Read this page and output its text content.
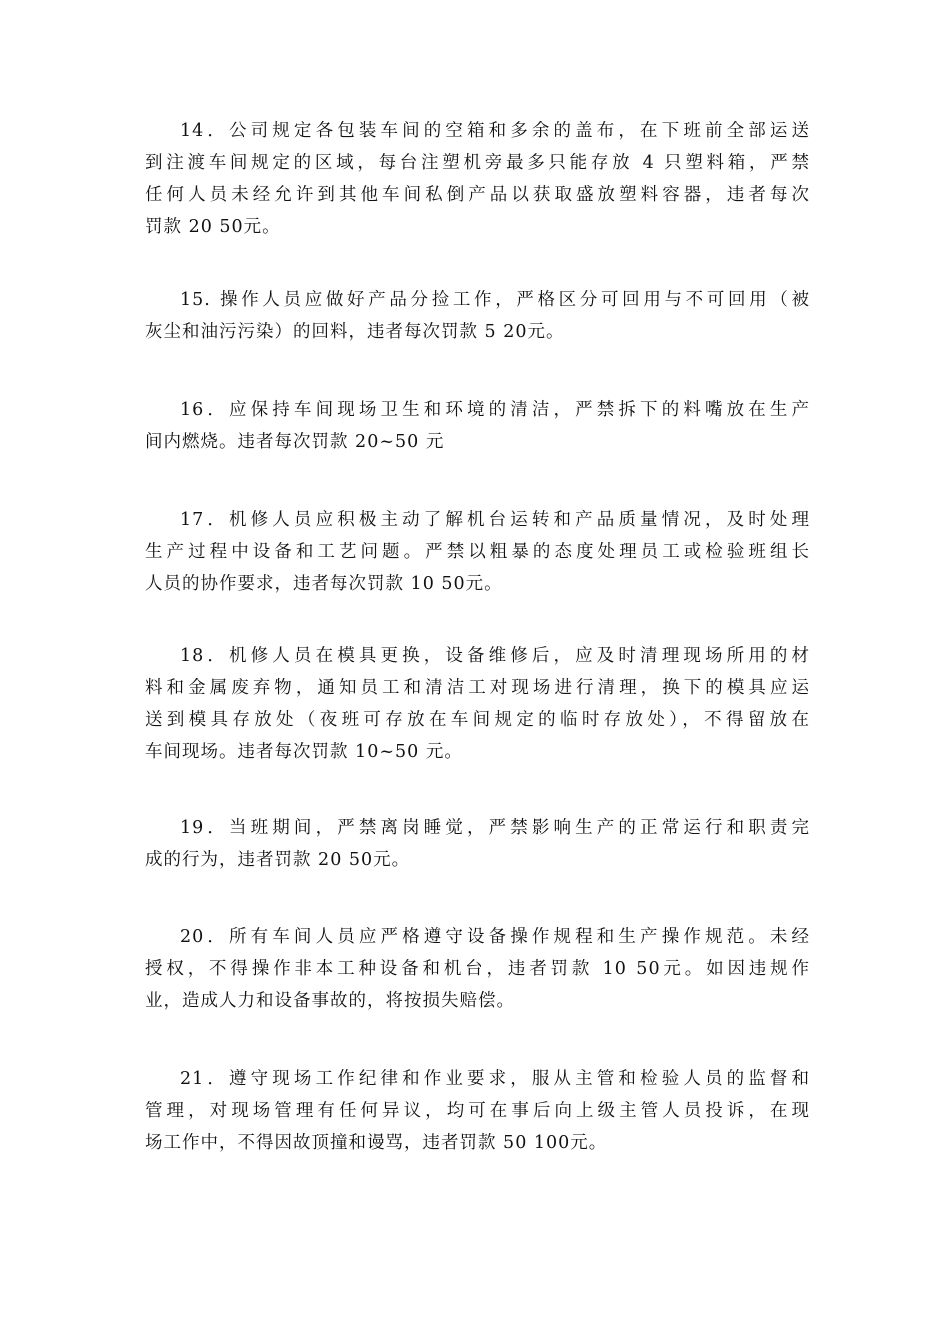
14．公司规定各包装车间的空箱和多余的盖布，在下班前全部运送
到注渡车间规定的区域，每台注塑机旁最多只能存放 4 只塑料箱，严禁
任何人员未经允许到其他车间私倒产品以获取盛放塑料容器，违者每次
罚款 20 50元。
15. 操作人员应做好产品分捡工作，严格区分可回用与不可回用（被
灰尘和油污污染）的回料，违者每次罚款 5 20元。
16．应保持车间现场卫生和环境的清洁，严禁拆下的料嘴放在生产
间内燃烧。违者每次罚款 20~50 元
17．机修人员应积极主动了解机台运转和产品质量情况，及时处理
生产过程中设备和工艺问题。严禁以粗暴的态度处理员工或检验班组长
人员的协作要求，违者每次罚款 10 50元。
18．机修人员在模具更换，设备维修后，应及时清理现场所用的材
料和金属废弃物，通知员工和清洁工对现场进行清理，换下的模具应运
送到模具存放处（夜班可存放在车间规定的临时存放处），不得留放在
车间现场。违者每次罚款 10~50 元。
19．当班期间，严禁离岗睡觉，严禁影响生产的正常运行和职责完
成的行为，违者罚款 20 50元。
20．所有车间人员应严格遵守设备操作规程和生产操作规范。未经
授权，不得操作非本工种设备和机台，违者罚款 10 50元。如因违规作
业，造成人力和设备事故的，将按损失赔偿。
21．遵守现场工作纪律和作业要求，服从主管和检验人员的监督和
管理，对现场管理有任何异议，均可在事后向上级主管人员投诉，在现
场工作中，不得因故顶撞和谩骂，违者罚款 50 100元。
